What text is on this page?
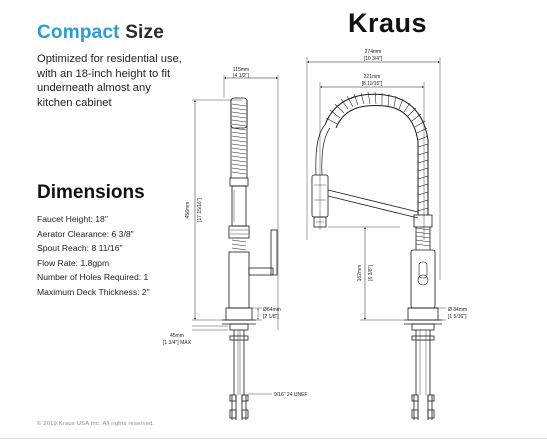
Compact Size	Kraus
Optimized for residential use,
with an 18-inch height to fit
underneath almost any
kitchen cabinet
Dimensions
Faucet Height: 18"
Aerator Clearance: 6 3/8"
Spout Reach: 8 11/16"
Flow Rate: 1.8gpm
Number of Holes Required: 1
Maximum Deck Thickness: 2"
115mm
[4 1/2"]
456mm [17 15/16"]
Ø64mm
[2 1/8"]
45mm
[1 3/4"] MAX
9/16" 24 UNEF
274mm
[10 3/4"]
221mm
[8 11/16"]
162mm [6 3/8"]
Ø 34mm
[1 5/16"]
© 2019 Kraus USA Inc. All rights reserved.
